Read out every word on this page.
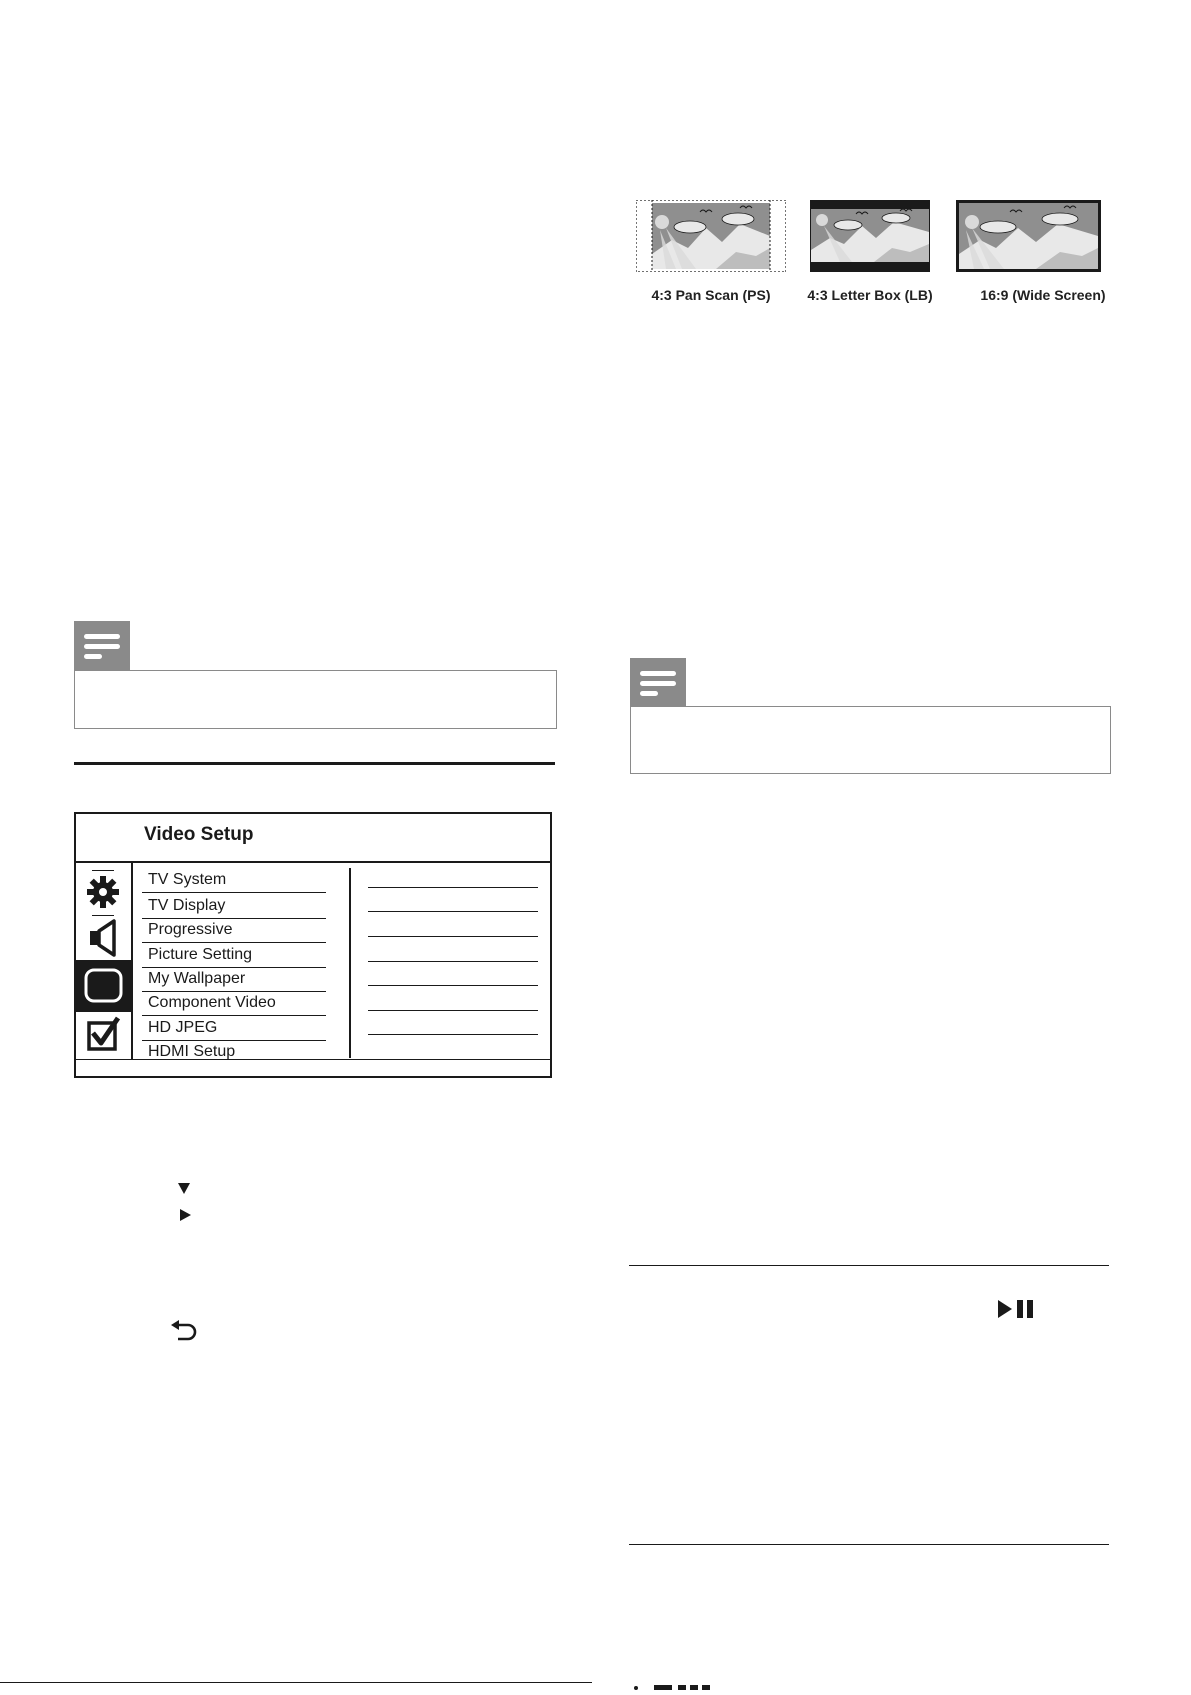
Video Setup
TV System
TV Display
Progressive
Picture Setting
My Wallpaper
Component Video
HD JPEG
HDMI Setup
4:3 Pan Scan (PS)	4:3 Letter Box (LB)	16:9 (Wide Screen)
